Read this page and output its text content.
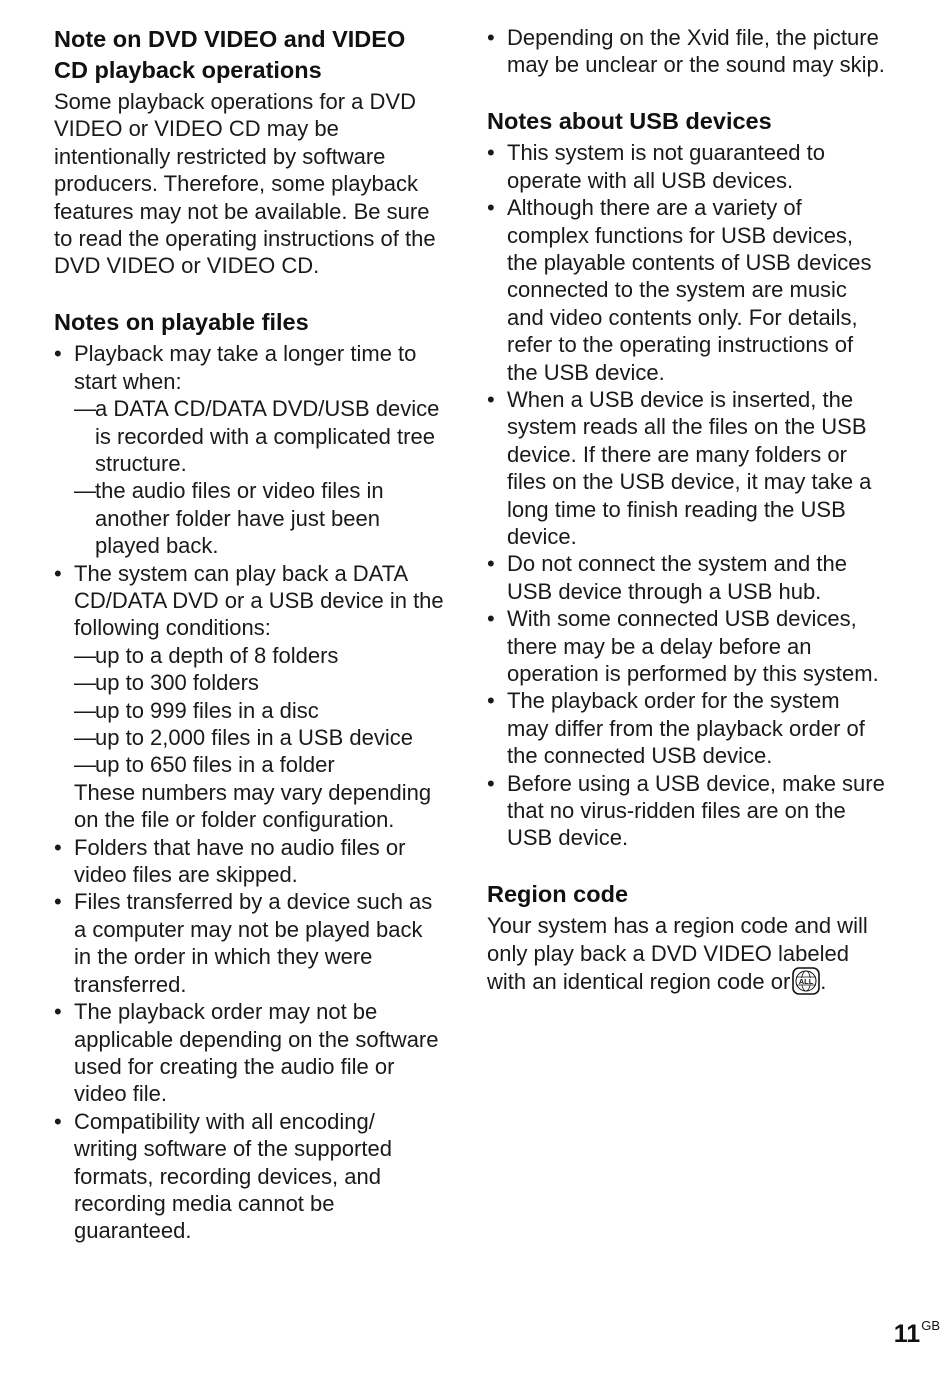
Note on DVD VIDEO and VIDEO CD playback operations

Some playback operations for a DVD VIDEO or VIDEO CD may be intentionally restricted by software producers. Therefore, some playback features may not be available. Be sure to read the operating instructions of the DVD VIDEO or VIDEO CD.

Notes on playable files
• Playback may take a longer time to start when:
— a DATA CD/DATA DVD/USB device is recorded with a complicated tree structure.
— the audio files or video files in another folder have just been played back.
• The system can play back a DATA CD/DATA DVD or a USB device in the following conditions:
— up to a depth of 8 folders
— up to 300 folders
— up to 999 files in a disc
— up to 2,000 files in a USB device
— up to 650 files in a folder
These numbers may vary depending on the file or folder configuration.
• Folders that have no audio files or video files are skipped.
• Files transferred by a device such as a computer may not be played back in the order in which they were transferred.
• The playback order may not be applicable depending on the software used for creating the audio file or video file.
• Compatibility with all encoding/ writing software of the supported formats, recording devices, and recording media cannot be guaranteed.
• Depending on the Xvid file, the picture may be unclear or the sound may skip.
Notes about USB devices
• This system is not guaranteed to operate with all USB devices.
• Although there are a variety of complex functions for USB devices, the playable contents of USB devices connected to the system are music and video contents only. For details, refer to the operating instructions of the USB device.
• When a USB device is inserted, the system reads all the files on the USB device. If there are many folders or files on the USB device, it may take a long time to finish reading the USB device.
• Do not connect the system and the USB device through a USB hub.
• With some connected USB devices, there may be a delay before an operation is performed by this system.
• The playback order for the system may differ from the playback order of the connected USB device.
• Before using a USB device, make sure that no virus-ridden files are on the USB device.
Region code

Your system has a region code and will only play back a DVD VIDEO labeled with an identical region code or ALL .

$11^{GB}$
